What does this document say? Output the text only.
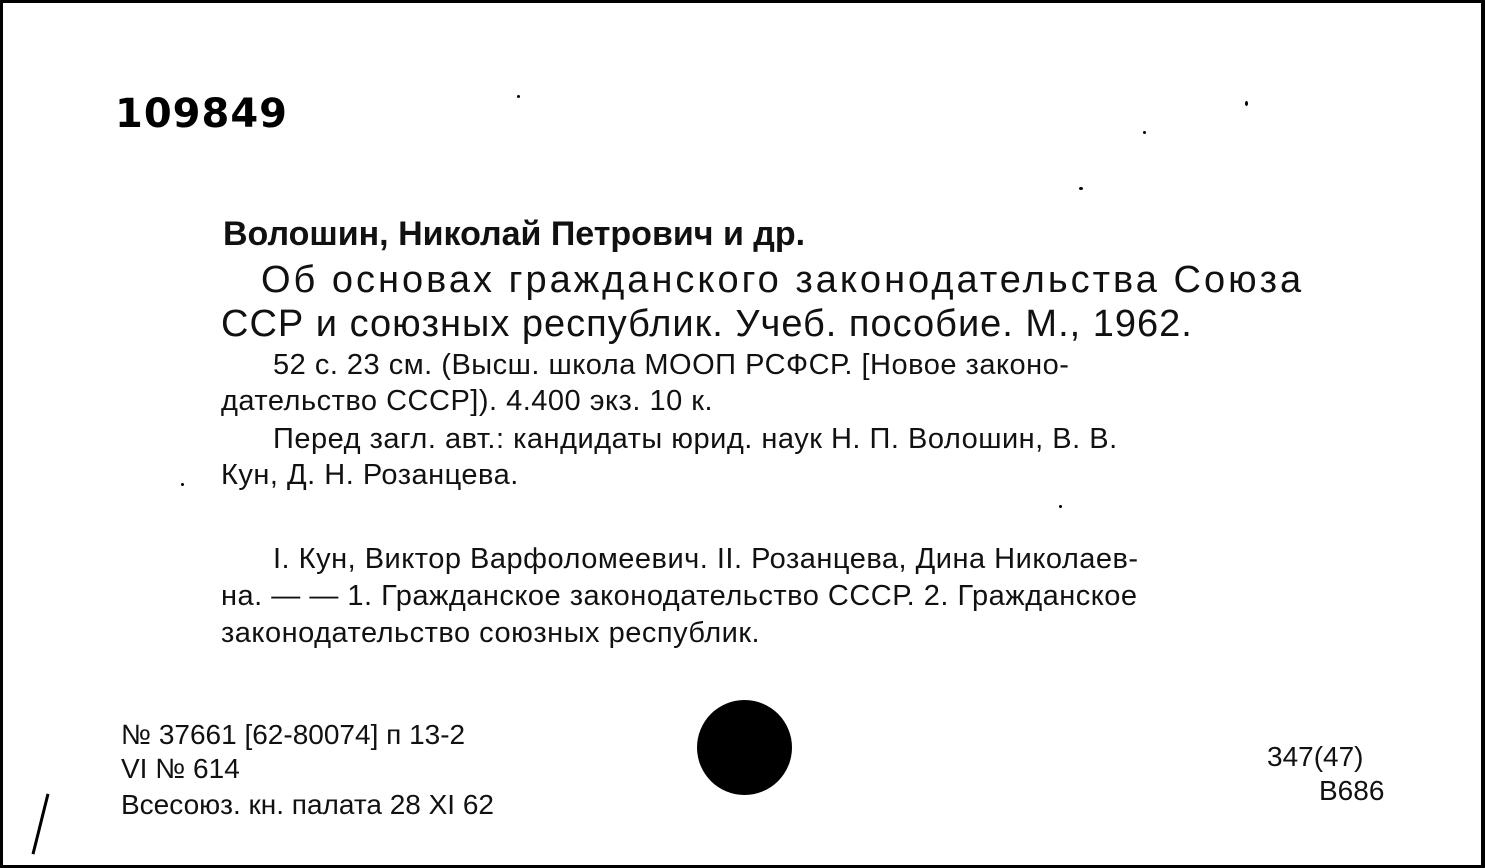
109849
Волошин, Николай Петрович и др.
Об основах гражданского законодательства Союза
ССР и союзных республик. Учеб. пособие. М., 1962.
52 с. 23 см. (Высш. школа МООП РСФСР. [Новое законо-
дательство СССР]). 4.400 экз. 10 к.
Перед загл. авт.: кандидаты юрид. наук Н. П. Волошин, В. В.
Кун, Д. Н. Розанцева.
I. Кун, Виктор Варфоломеевич. II. Розанцева, Дина Николаев-
на. — — 1. Гражданское законодательство СССР. 2. Гражданское
законодательство союзных республик.
№ 37661 [62-80074] п 13-2
VI № 614
Всесоюз. кн. палата 28 XI 62
347(47)
В686
